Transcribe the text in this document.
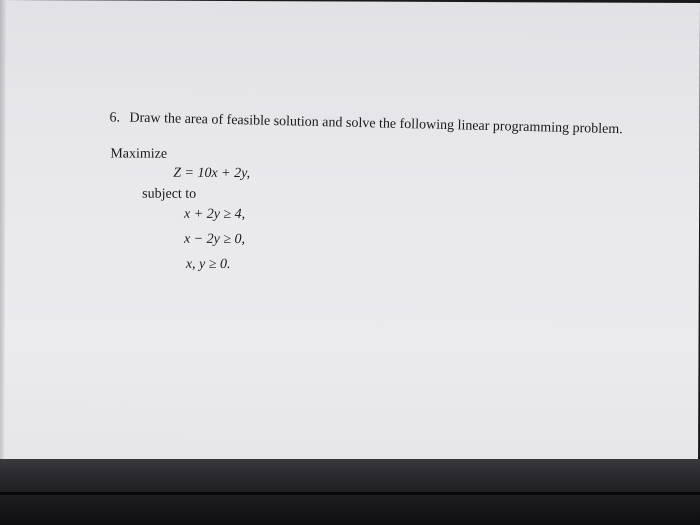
6. Draw the area of feasible solution and solve the following linear programming problem.
Maximize
Z = 10x + 2y,
subject to
x + 2y ≥ 4,
x − 2y ≥ 0,
x, y ≥ 0.
